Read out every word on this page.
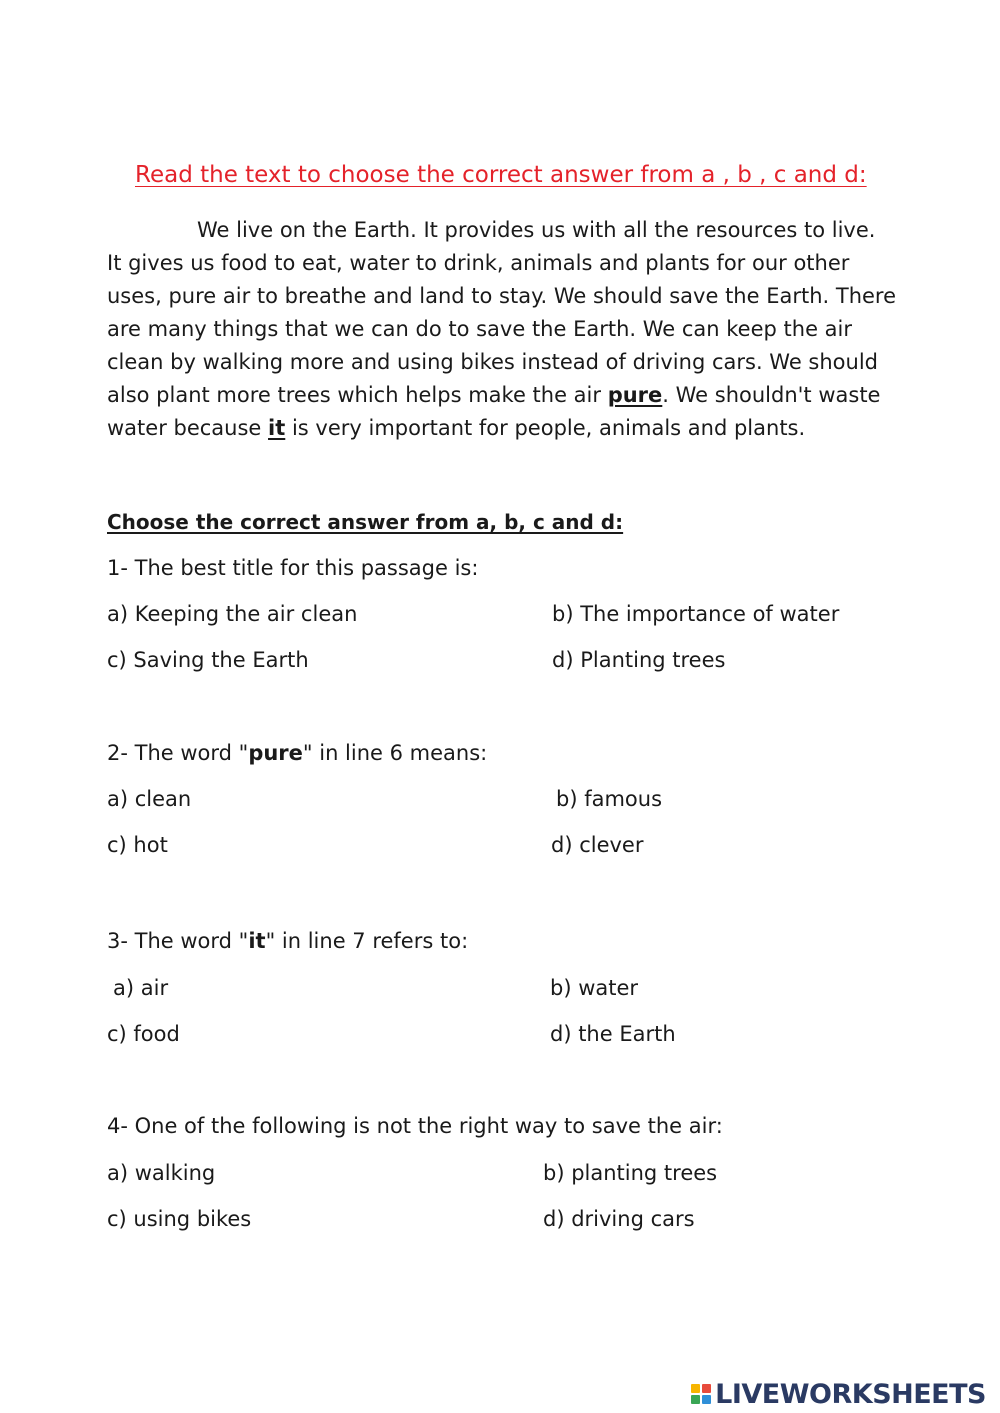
Read the text to choose the correct answer from a , b , c and d:
We live on the Earth. It provides us with all the resources to live.
It gives us food to eat, water to drink, animals and plants for our other
uses, pure air to breathe and land to stay. We should save the Earth. There
are many things that we can do to save the Earth. We can keep the air
clean by walking more and using bikes instead of driving cars. We should
also plant more trees which helps make the air pure. We shouldn't waste
water because it is very important for people, animals and plants.
Choose the correct answer from a, b, c and d:
1- The best title for this passage is:
a) Keeping the air clean	b) The importance of water
c) Saving the Earth	d) Planting trees
2- The word "pure" in line 6 means:
a) clean	b) famous
c) hot	d) clever
3- The word "it" in line 7 refers to:
a) air	b) water
c) food	d) the Earth
4- One of the following is not the right way to save the air:
a) walking	b) planting trees
c) using bikes	d) driving cars
LIVEWORKSHEETS
